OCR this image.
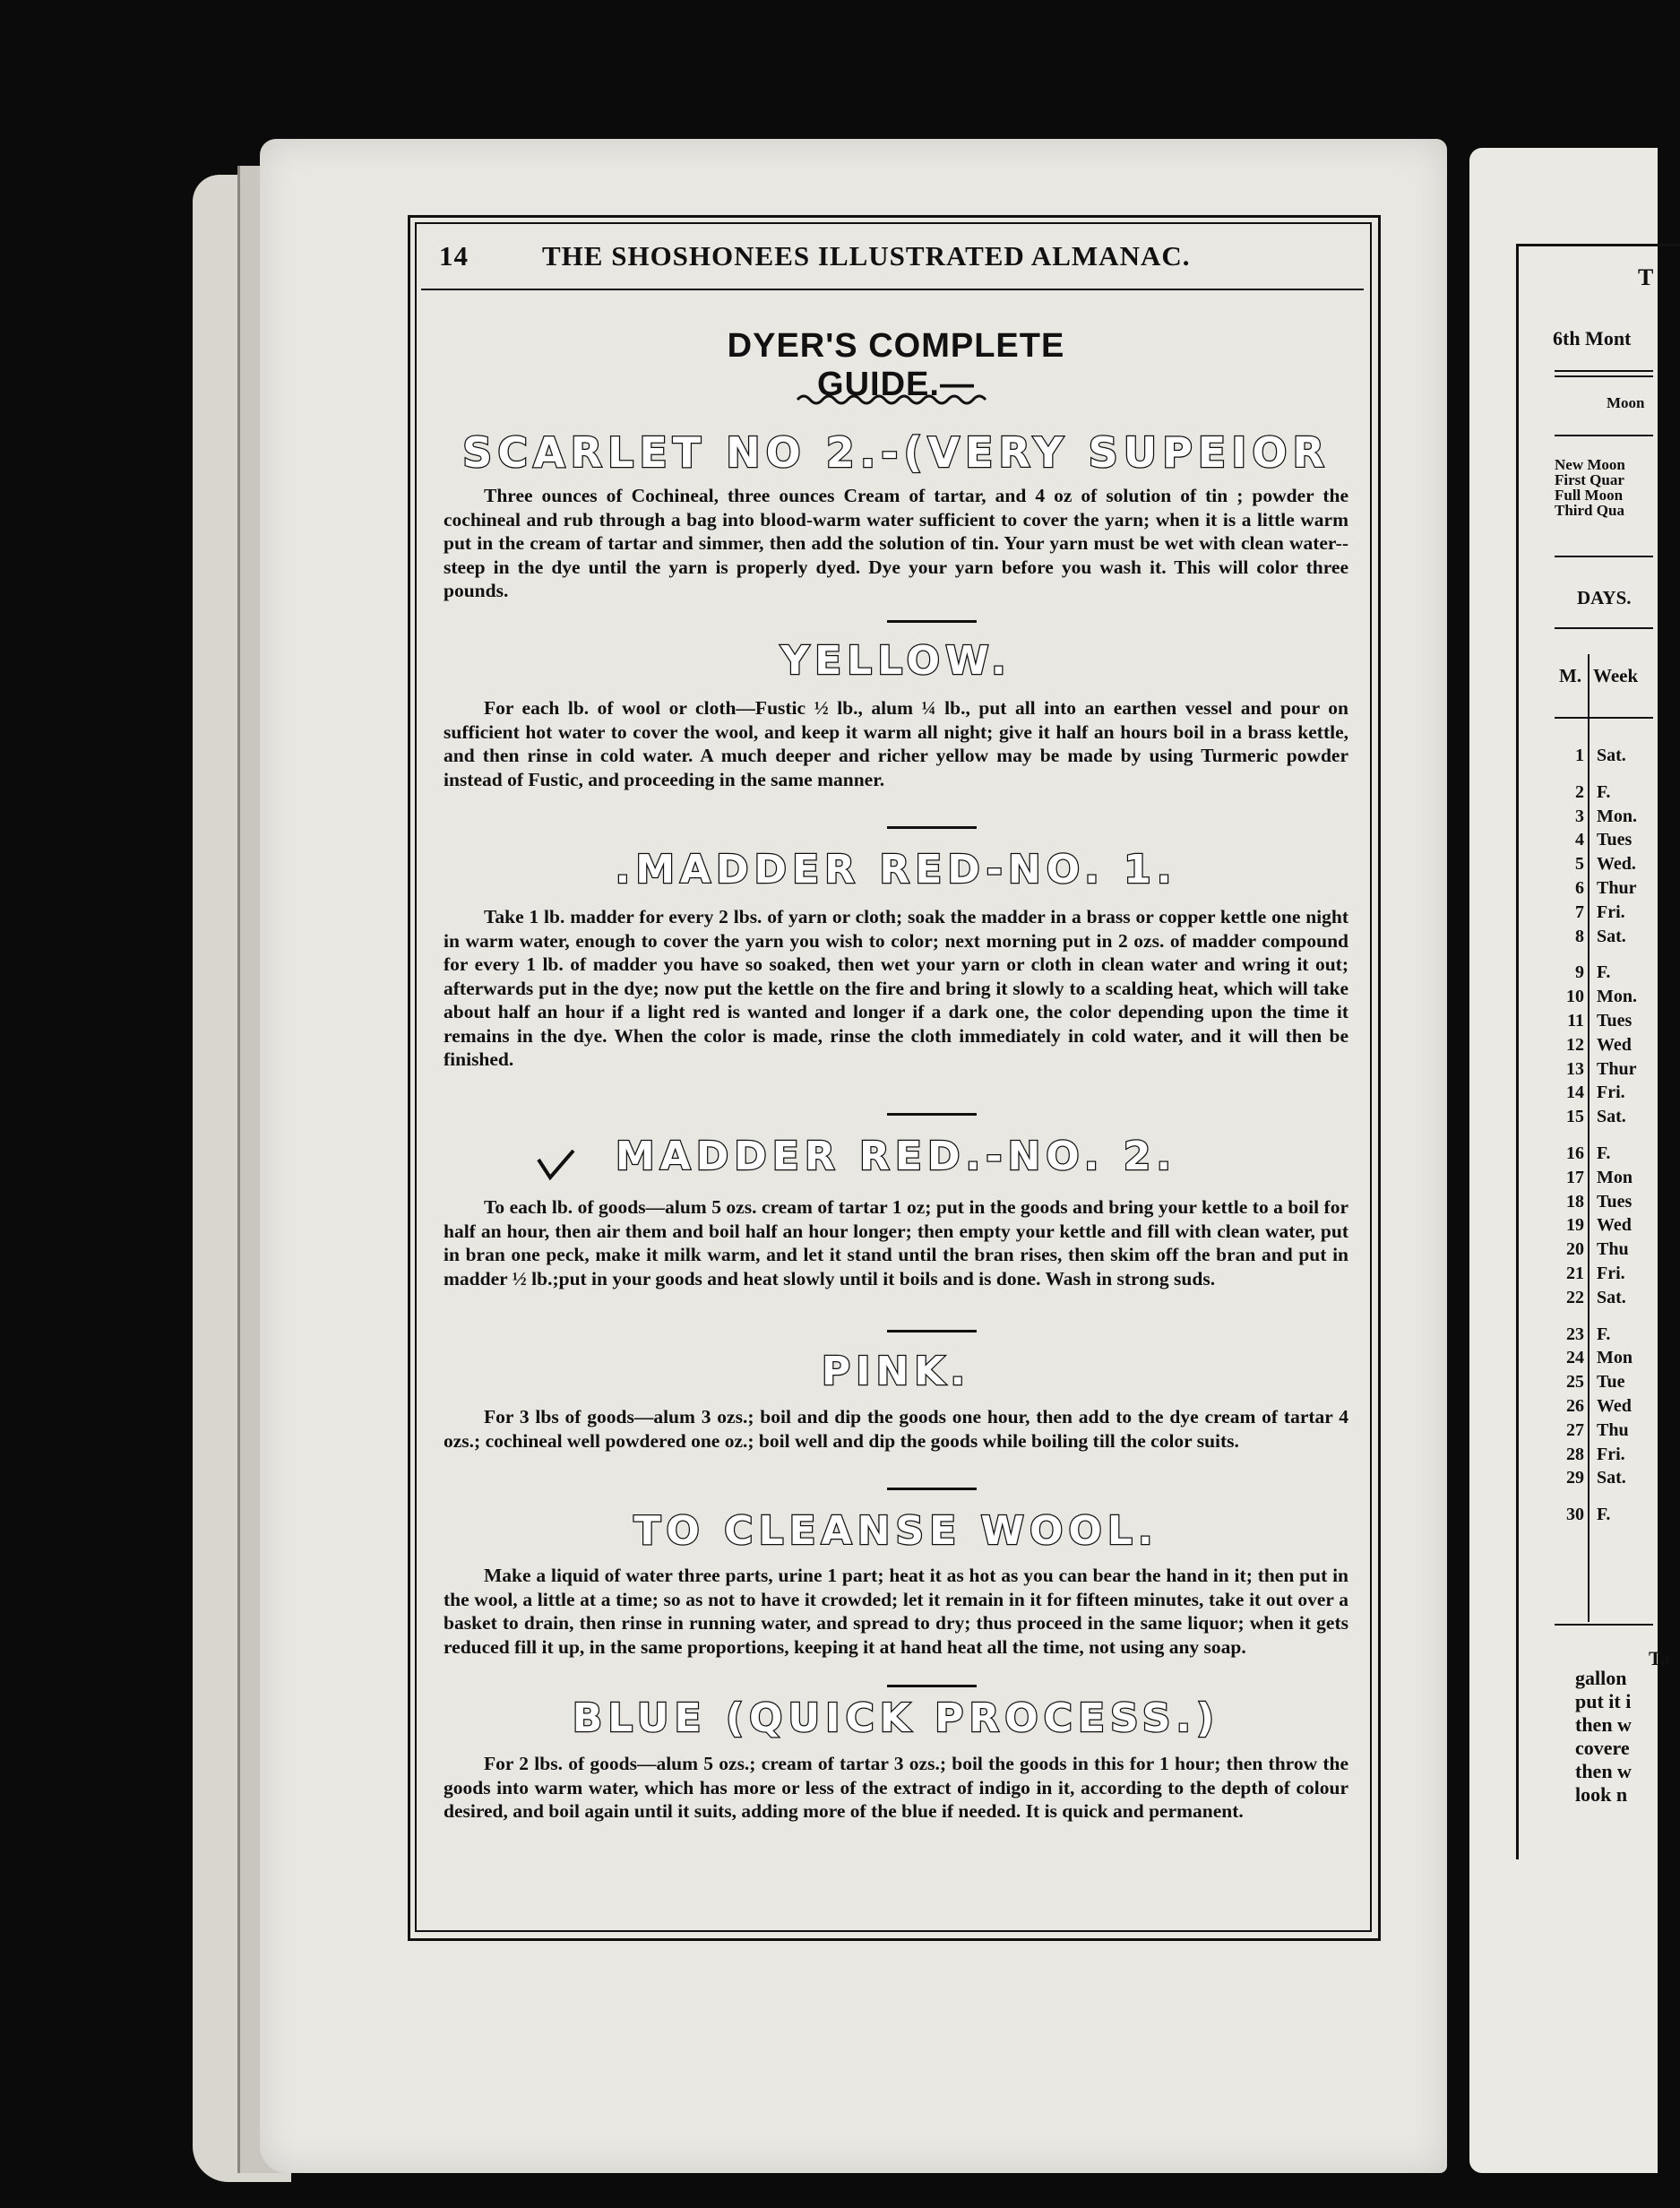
14	THE SHOSHONEES ILLUSTRATED ALMANAC.
DYER'S COMPLETE GUIDE.—
SCARLET NO 2.-(VERY SUPEIOR
Three ounces of Cochineal, three ounces Cream of tartar, and 4 oz of solution of tin ; powder the cochineal and rub through a bag into blood-warm water sufficient to cover the yarn; when it is a little warm put in the cream of tartar and simmer, then add the solution of tin. Your yarn must be wet with clean water--steep in the dye until the yarn is properly dyed. Dye your yarn before you wash it. This will color three pounds.
YELLOW.
For each lb. of wool or cloth—Fustic ½ lb., alum ¼ lb., put all into an earthen vessel and pour on sufficient hot water to cover the wool, and keep it warm all night; give it half an hours boil in a brass kettle, and then rinse in cold water. A much deeper and richer yellow may be made by using Turmeric powder instead of Fustic, and proceeding in the same manner.
.MADDER RED-NO. 1.
Take 1 lb. madder for every 2 lbs. of yarn or cloth; soak the madder in a brass or copper kettle one night in warm water, enough to cover the yarn you wish to color; next morning put in 2 ozs. of madder compound for every 1 lb. of madder you have so soaked, then wet your yarn or cloth in clean water and wring it out; afterwards put in the dye; now put the kettle on the fire and bring it slowly to a scalding heat, which will take about half an hour if a light red is wanted and longer if a dark one, the color depending upon the time it remains in the dye. When the color is made, rinse the cloth immediately in cold water, and it will then be finished.
MADDER RED.-NO. 2.
To each lb. of goods—alum 5 ozs. cream of tartar 1 oz; put in the goods and bring your kettle to a boil for half an hour, then air them and boil half an hour longer; then empty your kettle and fill with clean water, put in bran one peck, make it milk warm, and let it stand until the bran rises, then skim off the bran and put in madder ½ lb.;put in your goods and heat slowly until it boils and is done. Wash in strong suds.
PINK.
For 3 lbs of goods—alum 3 ozs.; boil and dip the goods one hour, then add to the dye cream of tartar 4 ozs.; cochineal well powdered one oz.; boil well and dip the goods while boiling till the color suits.
TO CLEANSE WOOL.
Make a liquid of water three parts, urine 1 part; heat it as hot as you can bear the hand in it; then put in the wool, a little at a time; so as not to have it crowded; let it remain in it for fifteen minutes, take it out over a basket to drain, then rinse in running water, and spread to dry; thus proceed in the same liquor; when it gets reduced fill it up, in the same proportions, keeping it at hand heat all the time, not using any soap.
BLUE (QUICK PROCESS.)
For 2 lbs. of goods—alum 5 ozs.; cream of tartar 3 ozs.; boil the goods in this for 1 hour; then throw the goods into warm water, which has more or less of the extract of indigo in it, according to the depth of colour desired, and boil again until it suits, adding more of the blue if needed. It is quick and permanent.
T
6th Mont
Moon
New Moon
First Quar
Full Moon
Third Qua
DAYS.
M. Week
1
2
3
4
5
6
7
8
9
10
11
12
13
14
15
16
17
18
19
20
21
22
23
24
25
26
27
28
29
30
Sat.
F.
Mon.
Tues
Wed.
Thur
Fri.
Sat.
F.
Mon.
Tues
Wed
Thur
Fri.
Sat.
F.
Mon
Tues
Wed
Thu
Fri.
Sat.
F.
Mon
Tue
Wed
Thu
Fri.
Sat.
F.
Ta
gallon
put it i
then w
covere
then w
look n
